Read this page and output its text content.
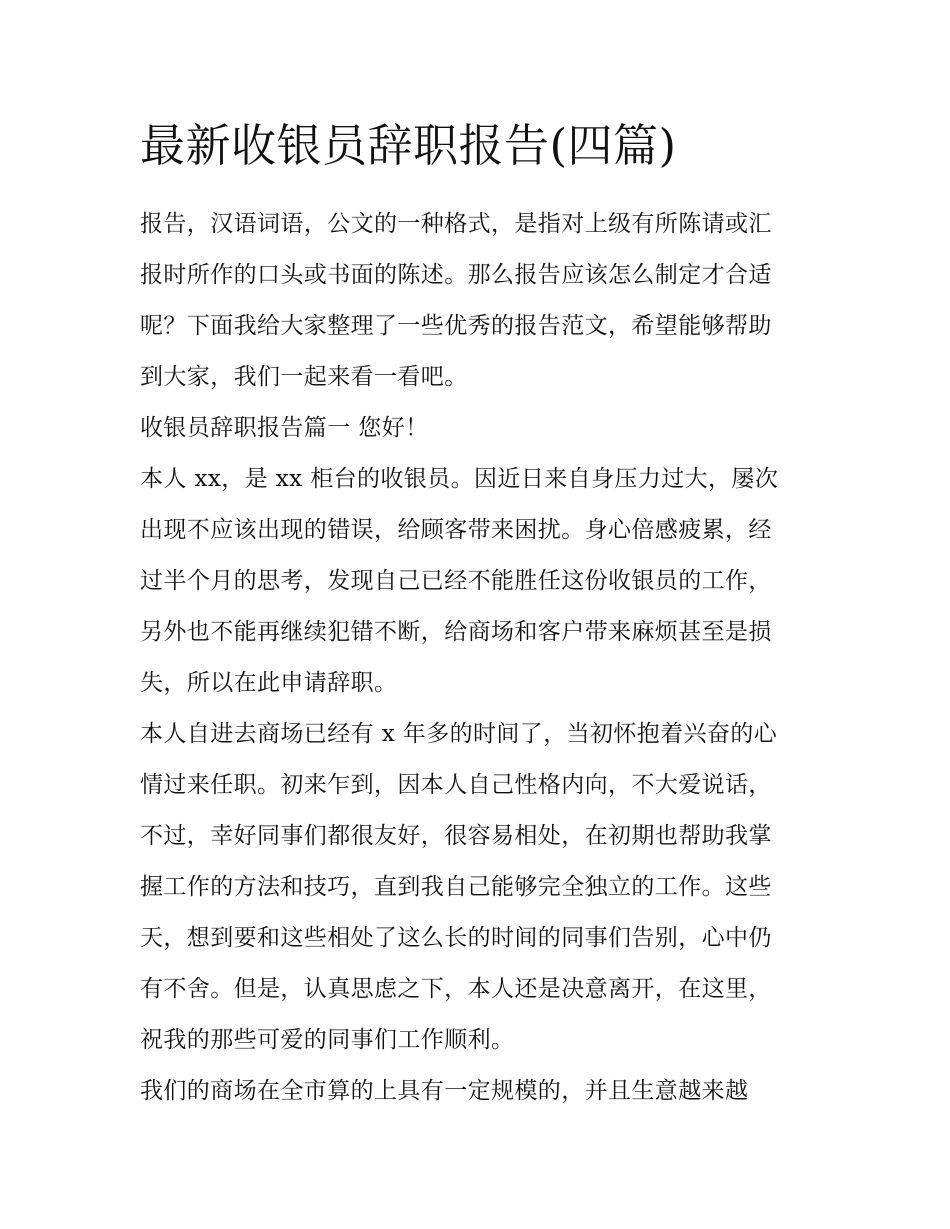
最新收银员辞职报告(四篇)
报告，汉语词语，公文的一种格式，是指对上级有所陈请或汇
报时所作的口头或书面的陈述。那么报告应该怎么制定才合适
呢？下面我给大家整理了一些优秀的报告范文，希望能够帮助
到大家，我们一起来看一看吧。
收银员辞职报告篇一 您好！
本人 xx，是 xx 柜台的收银员。因近日来自身压力过大，屡次
出现不应该出现的错误，给顾客带来困扰。身心倍感疲累，经
过半个月的思考，发现自己已经不能胜任这份收银员的工作，
另外也不能再继续犯错不断，给商场和客户带来麻烦甚至是损
失，所以在此申请辞职。
本人自进去商场已经有 x 年多的时间了，当初怀抱着兴奋的心
情过来任职。初来乍到，因本人自己性格内向，不大爱说话，
不过，幸好同事们都很友好，很容易相处，在初期也帮助我掌
握工作的方法和技巧，直到我自己能够完全独立的工作。这些
天，想到要和这些相处了这么长的时间的同事们告别，心中仍
有不舍。但是，认真思虑之下，本人还是决意离开，在这里，
祝我的那些可爱的同事们工作顺利。
我们的商场在全市算的上具有一定规模的，并且生意越来越
